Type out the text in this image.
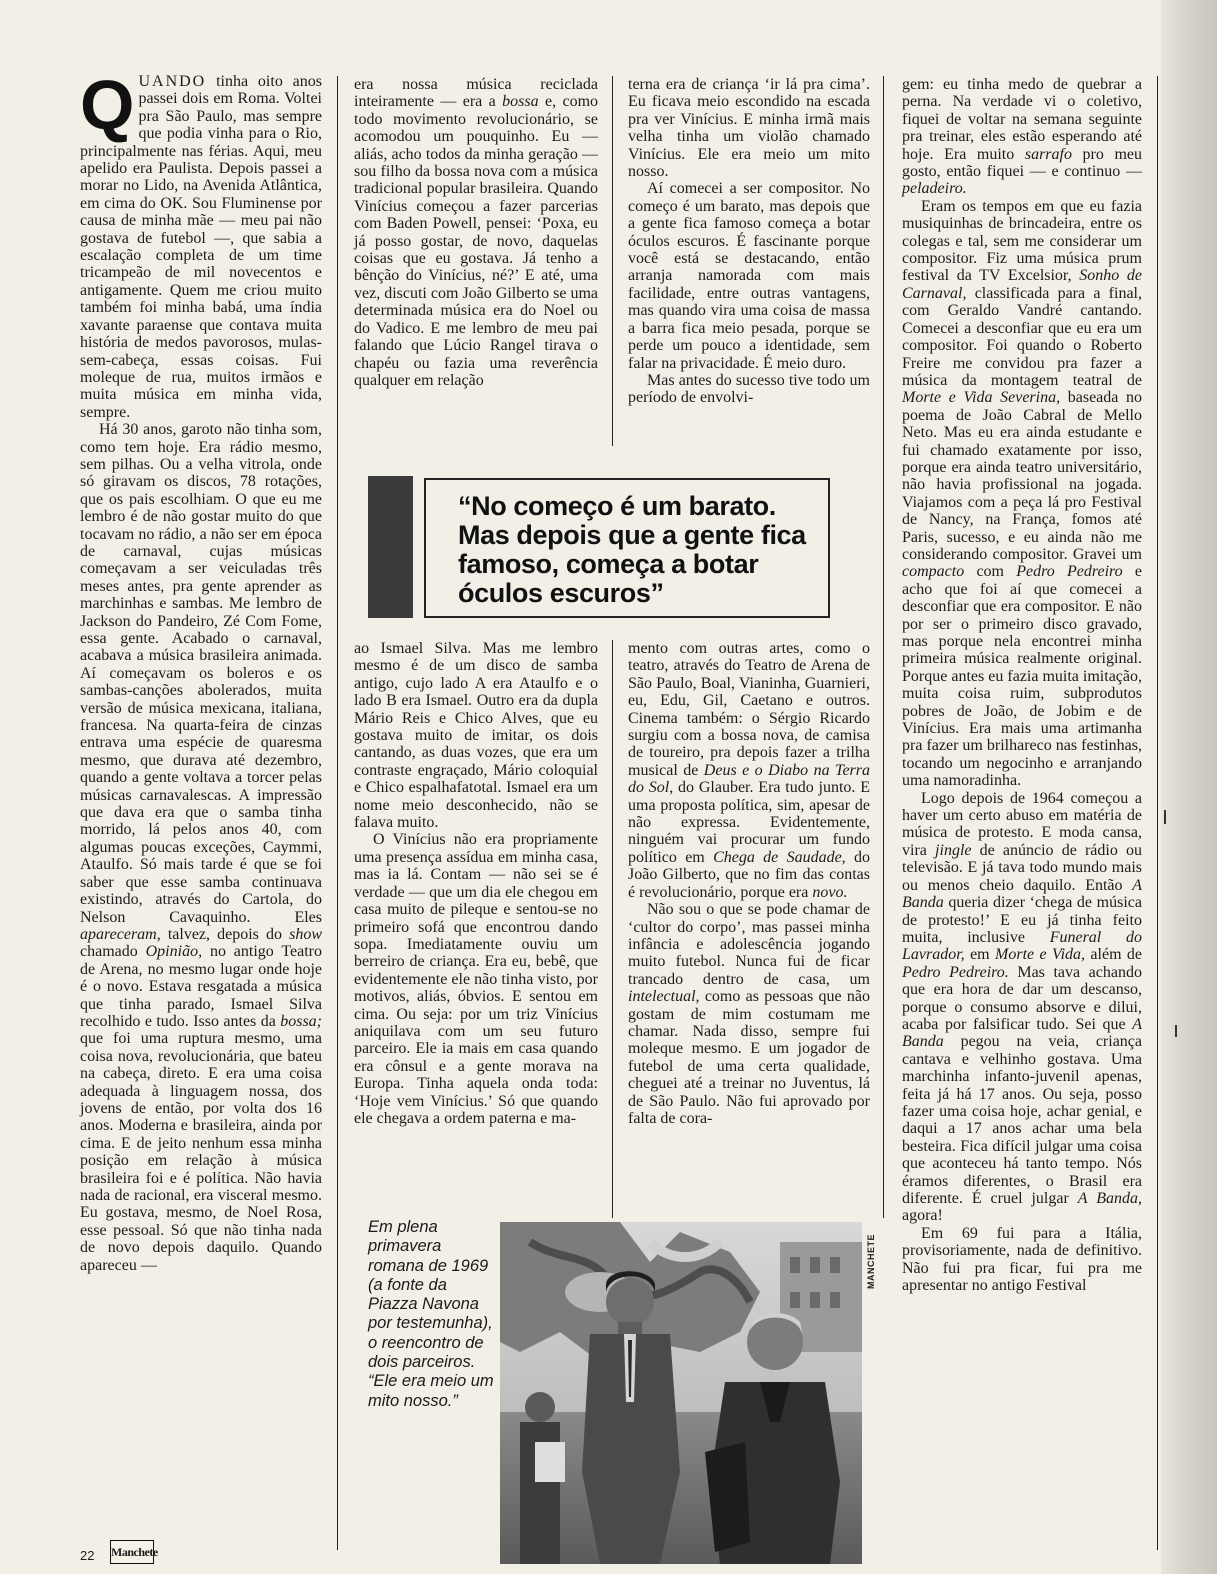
QUANDO tinha oito anos passei dois em Roma. Voltei pra São Paulo, mas sempre que podia vinha para o Rio, principalmente nas férias. Aqui, meu apelido era Paulista. Depois passei a morar no Lido, na Avenida Atlântica, em cima do OK. Sou Fluminense por causa de minha mãe — meu pai não gostava de futebol —, que sabia a escalação completa de um time tricampeão de mil novecentos e antigamente. Quem me criou muito também foi minha babá, uma índia xavante paraense que contava muita história de medos pavorosos, mulas-sem-cabeça, essas coisas. Fui moleque de rua, muitos irmãos e muita música em minha vida, sempre.

Há 30 anos, garoto não tinha som, como tem hoje. Era rádio mesmo, sem pilhas. Ou a velha vitrola, onde só giravam os discos, 78 rotações, que os pais escolhiam. O que eu me lembro é de não gostar muito do que tocavam no rádio, a não ser em época de carnaval, cujas músicas começavam a ser veiculadas três meses antes, pra gente aprender as marchinhas e sambas. Me lembro de Jackson do Pandeiro, Zé Com Fome, essa gente. Acabado o carnaval, acabava a música brasileira animada. Aí começavam os boleros e os sambas-canções abolerados, muita versão de música mexicana, italiana, francesa. Na quarta-feira de cinzas entrava uma espécie de quaresma mesmo, que durava até dezembro, quando a gente voltava a torcer pelas músicas carnavalescas. A impressão que dava era que o samba tinha morrido, lá pelos anos 40, com algumas poucas exceções, Caymmi, Ataulfo. Só mais tarde é que se foi saber que esse samba continuava existindo, através do Cartola, do Nelson Cavaquinho. Eles apareceram, talvez, depois do show chamado Opinião, no antigo Teatro de Arena, no mesmo lugar onde hoje é o novo. Estava resgatada a música que tinha parado, Ismael Silva recolhido e tudo. Isso antes da bossa; que foi uma ruptura mesmo, uma coisa nova, revolucionária, que bateu na cabeça, direto. E era uma coisa adequada à linguagem nossa, dos jovens de então, por volta dos 16 anos. Moderna e brasileira, ainda por cima. E de jeito nenhum essa minha posição em relação à música brasileira foi e é política. Não havia nada de racional, era visceral mesmo. Eu gostava, mesmo, de Noel Rosa, esse pessoal. Só que não tinha nada de novo depois daquilo. Quando apareceu —

era nossa música reciclada inteiramente — era a bossa e, como todo movimento revolucionário, se acomodou um pouquinho. Eu — aliás, acho todos da minha geração — sou filho da bossa nova com a música tradicional popular brasileira. Quando Vinícius começou a fazer parcerias com Baden Powell, pensei: ‘Poxa, eu já posso gostar, de novo, daquelas coisas que eu gostava. Já tenho a bênção do Vinícius, né?’ E até, uma vez, discuti com João Gilberto se uma determinada música era do Noel ou do Vadico. E me lembro de meu pai falando que Lúcio Rangel tirava o chapéu ou fazia uma reverência qualquer em relação

terna era de criança ‘ir lá pra cima’. Eu ficava meio escondido na escada pra ver Vinícius. E minha irmã mais velha tinha um violão chamado Vinícius. Ele era meio um mito nosso.

Aí comecei a ser compositor. No começo é um barato, mas depois que a gente fica famoso começa a botar óculos escuros. É fascinante porque você está se destacando, então arranja namorada com mais facilidade, entre outras vantagens, mas quando vira uma coisa de massa a barra fica meio pesada, porque se perde um pouco a identidade, sem falar na privacidade. É meio duro.

Mas antes do sucesso tive todo um período de envolvi-

“No começo é um barato. Mas depois que a gente fica famoso, começa a botar óculos escuros”

ao Ismael Silva. Mas me lembro mesmo é de um disco de samba antigo, cujo lado A era Ataulfo e o lado B era Ismael. Outro era da dupla Mário Reis e Chico Alves, que eu gostava muito de imitar, os dois cantando, as duas vozes, que era um contraste engraçado, Mário coloquial e Chico espalhafatotal. Ismael era um nome meio desconhecido, não se falava muito.

O Vinícius não era propriamente uma presença assídua em minha casa, mas ia lá. Contam — não sei se é verdade — que um dia ele chegou em casa muito de pileque e sentou-se no primeiro sofá que encontrou dando sopa. Imediatamente ouviu um berreiro de criança. Era eu, bebê, que evidentemente ele não tinha visto, por motivos, aliás, óbvios. E sentou em cima. Ou seja: por um triz Vinícius aniquilava com um seu futuro parceiro. Ele ia mais em casa quando era cônsul e a gente morava na Europa. Tinha aquela onda toda: ‘Hoje vem Vinícius.’ Só que quando ele chegava a ordem paterna e ma-

mento com outras artes, como o teatro, através do Teatro de Arena de São Paulo, Boal, Vianinha, Guarnieri, eu, Edu, Gil, Caetano e outros. Cinema também: o Sérgio Ricardo surgiu com a bossa nova, de camisa de toureiro, pra depois fazer a trilha musical de Deus e o Diabo na Terra do Sol, do Glauber. Era tudo junto. E uma proposta política, sim, apesar de não expressa. Evidentemente, ninguém vai procurar um fundo político em Chega de Saudade, do João Gilberto, que no fim das contas é revolucionário, porque era novo.

Não sou o que se pode chamar de ‘cultor do corpo’, mas passei minha infância e adolescência jogando muito futebol. Nunca fui de ficar trancado dentro de casa, um intelectual, como as pessoas que não gostam de mim costumam me chamar. Nada disso, sempre fui moleque mesmo. E um jogador de futebol de uma certa qualidade, cheguei até a treinar no Juventus, lá de São Paulo. Não fui aprovado por falta de cora-

gem: eu tinha medo de quebrar a perna. Na verdade vi o coletivo, fiquei de voltar na semana seguinte pra treinar, eles estão esperando até hoje. Era muito sarrafo pro meu gosto, então fiquei — e continuo — peladeiro.

Eram os tempos em que eu fazia musiquinhas de brincadeira, entre os colegas e tal, sem me considerar um compositor. Fiz uma música prum festival da TV Excelsior, Sonho de Carnaval, classificada para a final, com Geraldo Vandré cantando. Comecei a desconfiar que eu era um compositor. Foi quando o Roberto Freire me convidou pra fazer a música da montagem teatral de Morte e Vida Severina, baseada no poema de João Cabral de Mello Neto. Mas eu era ainda estudante e fui chamado exatamente por isso, porque era ainda teatro universitário, não havia profissional na jogada. Viajamos com a peça lá pro Festival de Nancy, na França, fomos até Paris, sucesso, e eu ainda não me considerando compositor. Gravei um compacto com Pedro Pedreiro e acho que foi aí que comecei a desconfiar que era compositor. E não por ser o primeiro disco gravado, mas porque nela encontrei minha primeira música realmente original. Porque antes eu fazia muita imitação, muita coisa ruim, subprodutos pobres de João, de Jobim e de Vinícius. Era mais uma artimanha pra fazer um brilhareco nas festinhas, tocando um negocinho e arranjando uma namoradinha.

Logo depois de 1964 começou a haver um certo abuso em matéria de música de protesto. E moda cansa, vira jingle de anúncio de rádio ou televisão. E já tava todo mundo mais ou menos cheio daquilo. Então A Banda queria dizer ‘chega de música de protesto!’ E eu já tinha feito muita, inclusive Funeral do Lavrador, em Morte e Vida, além de Pedro Pedreiro. Mas tava achando que era hora de dar um descanso, porque o consumo absorve e dilui, acaba por falsificar tudo. Sei que A Banda pegou na veia, criança cantava e velhinho gostava. Uma marchinha infanto-juvenil apenas, feita já há 17 anos. Ou seja, posso fazer uma coisa hoje, achar genial, e daqui a 17 anos achar uma bela besteira. Fica difícil julgar uma coisa que aconteceu há tanto tempo. Nós éramos diferentes, o Brasil era diferente. É cruel julgar A Banda, agora!

Em 69 fui para a Itália, provisoriamente, nada de definitivo. Não fui pra ficar, fui pra me apresentar no antigo Festival

Em plena primavera romana de 1969 (a fonte da Piazza Navona por testemunha), o reencontro de dois parceiros. “Ele era meio um mito nosso.”
MANCHETE
22 Manchete
